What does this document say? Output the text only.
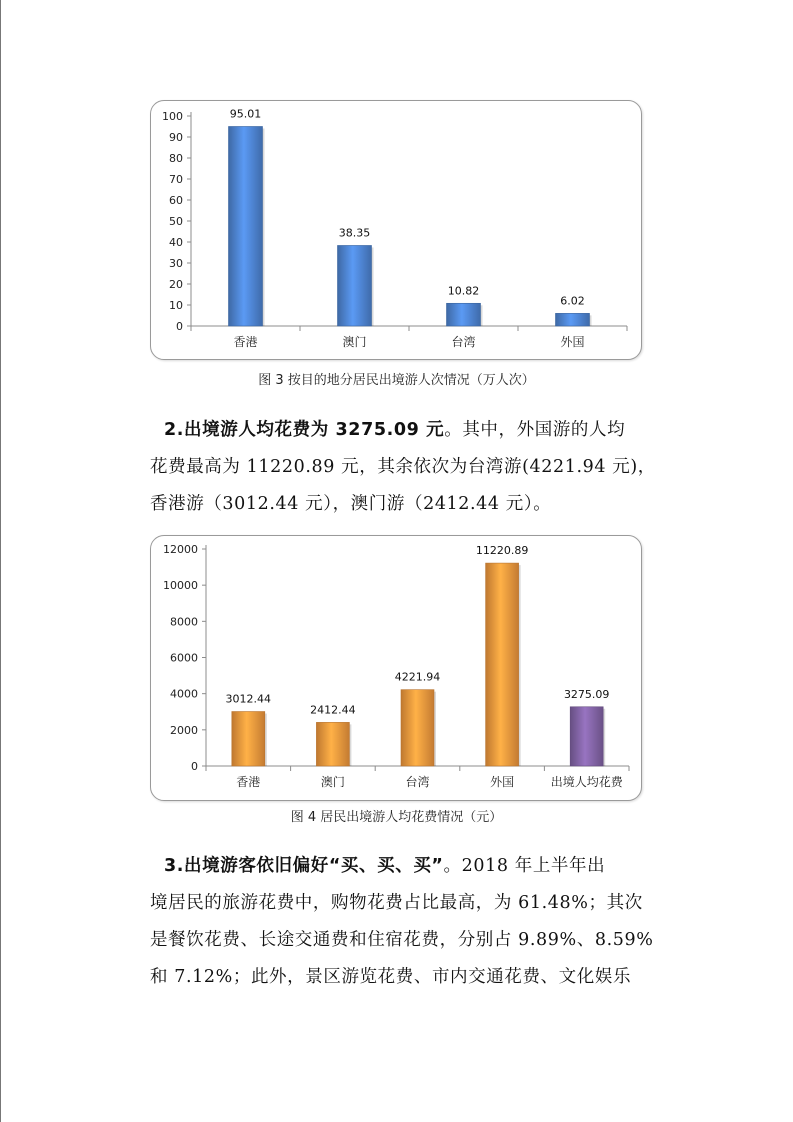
0
10
20
30
40
50
60
70
80
90
100	95.01
香港
38.35
澳门
10.82
台湾
6.02
外国
图 3 按目的地分居民出境游人次情况（万人次）

2.出境游人均花费为 3275.09 元。其中，外国游的人均
花费最高为 11220.89 元，其余依次为台湾游(4221.94 元)，
香港游（3012.44 元），澳门游（2412.44 元）。

0
2000
4000
6000
8000
10000
12000
3012.44
香港
2412.44
澳门
4221.94
台湾
11220.89
外国
3275.09
出境人均花费
图 4 居民出境游人均花费情况（元）

3.出境游客依旧偏好“买、买、买”。2018 年上半年出
境居民的旅游花费中，购物花费占比最高，为 61.48%；其次
是餐饮花费、长途交通费和住宿花费，分别占 9.89%、8.59%
和 7.12%；此外，景区游览花费、市内交通花费、文化娱乐
